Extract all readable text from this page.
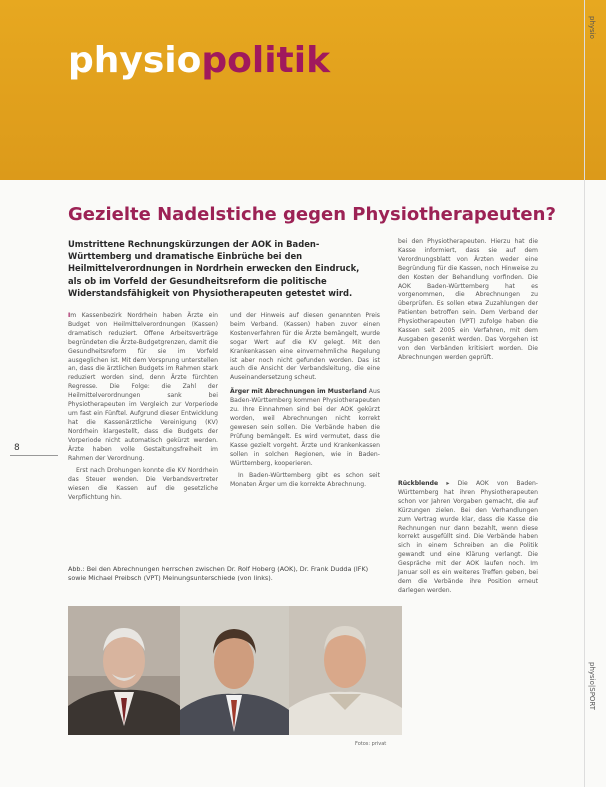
physiopolitik
physio
physio|SPORT
Gezielte Nadelstiche gegen Physiotherapeuten?
Umstrittene Rechnungskürzungen der AOK in Baden-Württemberg und dramatische Einbrüche bei den Heilmittelverordnungen in Nordrhein erwecken den Eindruck, als ob im Vorfeld der Gesundheitsreform die politische Widerstandsfähigkeit von Physiotherapeuten getestet wird.
8
Im Kassenbezirk Nordrhein haben Ärzte ein Budget von Heilmittelverordnungen (Kassen) dramatisch reduziert. Offene Arbeitsverträge begründeten die Ärzte-Budgetgrenzen, damit die Gesundheitsreform für sie im Vorfeld ausgeglichen ist. Mit dem Vorsprung unterstellen an, dass die ärztlichen Budgets im Rahmen stark reduziert worden sind, denn Ärzte fürchten Regresse. Die Folge: die Zahl der Heilmittelverordnungen sank bei Physiotherapeuten im Vergleich zur Vorperiode um fast ein Fünftel. Aufgrund dieser Entwicklung hat die Kassenärztliche Vereinigung (KV) Nordrhein klargestellt, dass die Budgets der Vorperiode nicht automatisch gekürzt werden. Ärzte haben volle Gestaltungsfreiheit im Rahmen der Verordnung.
Erst nach Drohungen konnte die KV Nordrhein das Steuer wenden. Die Verbandsvertreter wiesen die Kassen auf die gesetzliche Verpflichtung hin.
und der Hinweis auf diesen genannten Preis beim Verband. (Kassen) haben zuvor einen Kostenverfahren für die Ärzte bemängelt, wurde sogar Wert auf die KV gelegt. Mit den Krankenkassen eine einvernehmliche Regelung ist aber noch nicht gefunden worden. Das ist auch die Ansicht der Verbandsleitung, die eine Auseinandersetzung scheut.
Ärger mit Abrechnungen im Musterland Aus Baden-Württemberg kommen Physiotherapeuten zu. Ihre Einnahmen sind bei der AOK gekürzt worden, weil Abrechnungen nicht korrekt gewesen sein sollen. Die Verbände haben die Prüfung bemängelt. Es wird vermutet, dass die Kasse gezielt vorgeht. Ärzte und Krankenkassen sollen in solchen Regionen, wie in Baden-Württemberg, kooperieren.
In Baden-Württemberg gibt es schon seit Monaten Ärger um die korrekte Abrechnung.
bei den Physiotherapeuten. Hierzu hat die Kasse informiert, dass sie auf dem Verordnungsblatt von Ärzten weder eine Begründung für die Kassen, noch Hinweise zu den Kosten der Behandlung vorfinden. Die AOK Baden-Württemberg hat es vorgenommen, die Abrechnungen zu überprüfen. Es sollen etwa Zuzahlungen der Patienten betroffen sein. Dem Verband der Physiotherapeuten (VPT) zufolge haben die Kassen seit 2005 ein Verfahren, mit dem Ausgaben gesenkt werden. Das Vorgehen ist von den Verbänden kritisiert worden. Die Abrechnungen werden geprüft.
Rückblende ▸ Die AOK von Baden-Württemberg hat ihren Physiotherapeuten schon vor Jahren Vorgaben gemacht, die auf Kürzungen zielen. Bei den Verhandlungen zum Vertrag wurde klar, dass die Kasse die Rechnungen nur dann bezahlt, wenn diese korrekt ausgefüllt sind. Die Verbände haben sich in einem Schreiben an die Politik gewandt und eine Klärung verlangt. Die Gespräche mit der AOK laufen noch. Im Januar soll es ein weiteres Treffen geben, bei dem die Verbände ihre Position erneut darlegen werden.
Abb.: Bei den Abrechnungen herrschen zwischen Dr. Rolf Hoberg (AOK), Dr. Frank Dudda (IFK) sowie Michael Preibsch (VPT) Meinungsunterschiede (von links).
Fotos: privat
